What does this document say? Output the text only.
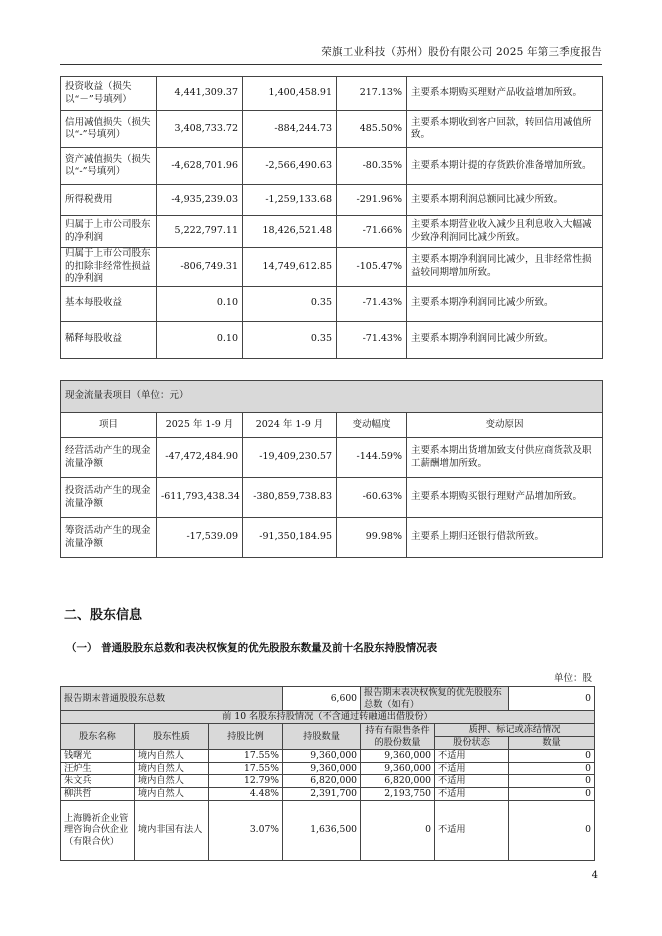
荣旗工业科技（苏州）股份有限公司 2025 年第三季度报告
投资收益（损失以“－”号填列）	4,441,309.37	1,400,458.91	217.13%	主要系本期购买理财产品收益增加所致。
信用减值损失（损失以“-”号填列）	3,408,733.72	-884,244.73	485.50%	主要系本期收到客户回款，转回信用减值所致。
资产减值损失（损失以“-”号填列）	-4,628,701.96	-2,566,490.63	-80.35%	主要系本期计提的存货跌价准备增加所致。
所得税费用	-4,935,239.03	-1,259,133.68	-291.96%	主要系本期利润总额同比减少所致。
归属于上市公司股东的净利润	5,222,797.11	18,426,521.48	-71.66%	主要系本期营业收入减少且利息收入大幅减少致净利润同比减少所致。
归属于上市公司股东的扣除非经常性损益的净利润	-806,749.31	14,749,612.85	-105.47%	主要系本期净利润同比减少，且非经常性损益较同期增加所致。
基本每股收益	0.10	0.35	-71.43%	主要系本期净利润同比减少所致。
稀释每股收益	0.10	0.35	-71.43%	主要系本期净利润同比减少所致。
现金流量表项目（单位：元）				
项目	2025 年 1-9 月	2024 年 1-9 月	变动幅度	变动原因
经营活动产生的现金流量净额	-47,472,484.90	-19,409,230.57	-144.59%	主要系本期出货增加致支付供应商货款及职工薪酬增加所致。
投资活动产生的现金流量净额	-611,793,438.34	-380,859,738.83	-60.63%	主要系本期购买银行理财产品增加所致。
筹资活动产生的现金流量净额	-17,539.09	-91,350,184.95	99.98%	主要系上期归还银行借款所致。
二、股东信息
（一） 普通股股东总数和表决权恢复的优先股股东数量及前十名股东持股情况表
单位：股
报告期末普通股股东总数			6,600	报告期末表决权恢复的优先股股东总数（如有）		0
前 10 名股东持股情况（不含通过转融通出借股份）						
股东名称	股东性质	持股比例	持股数量	持有有限售条件的股份数量	质押、标记或冻结情况	
					股份状态	数量
钱曙光	境内自然人	17.55%	9,360,000	9,360,000	不适用	0
汪炉生	境内自然人	17.55%	9,360,000	9,360,000	不适用	0
朱文兵	境内自然人	12.79%	6,820,000	6,820,000	不适用	0
柳洪哲	境内自然人	4.48%	2,391,700	2,193,750	不适用	0
上海腾祈企业管理咨询合伙企业（有限合伙）	境内非国有法人	3.07%	1,636,500	0	不适用	0
4
